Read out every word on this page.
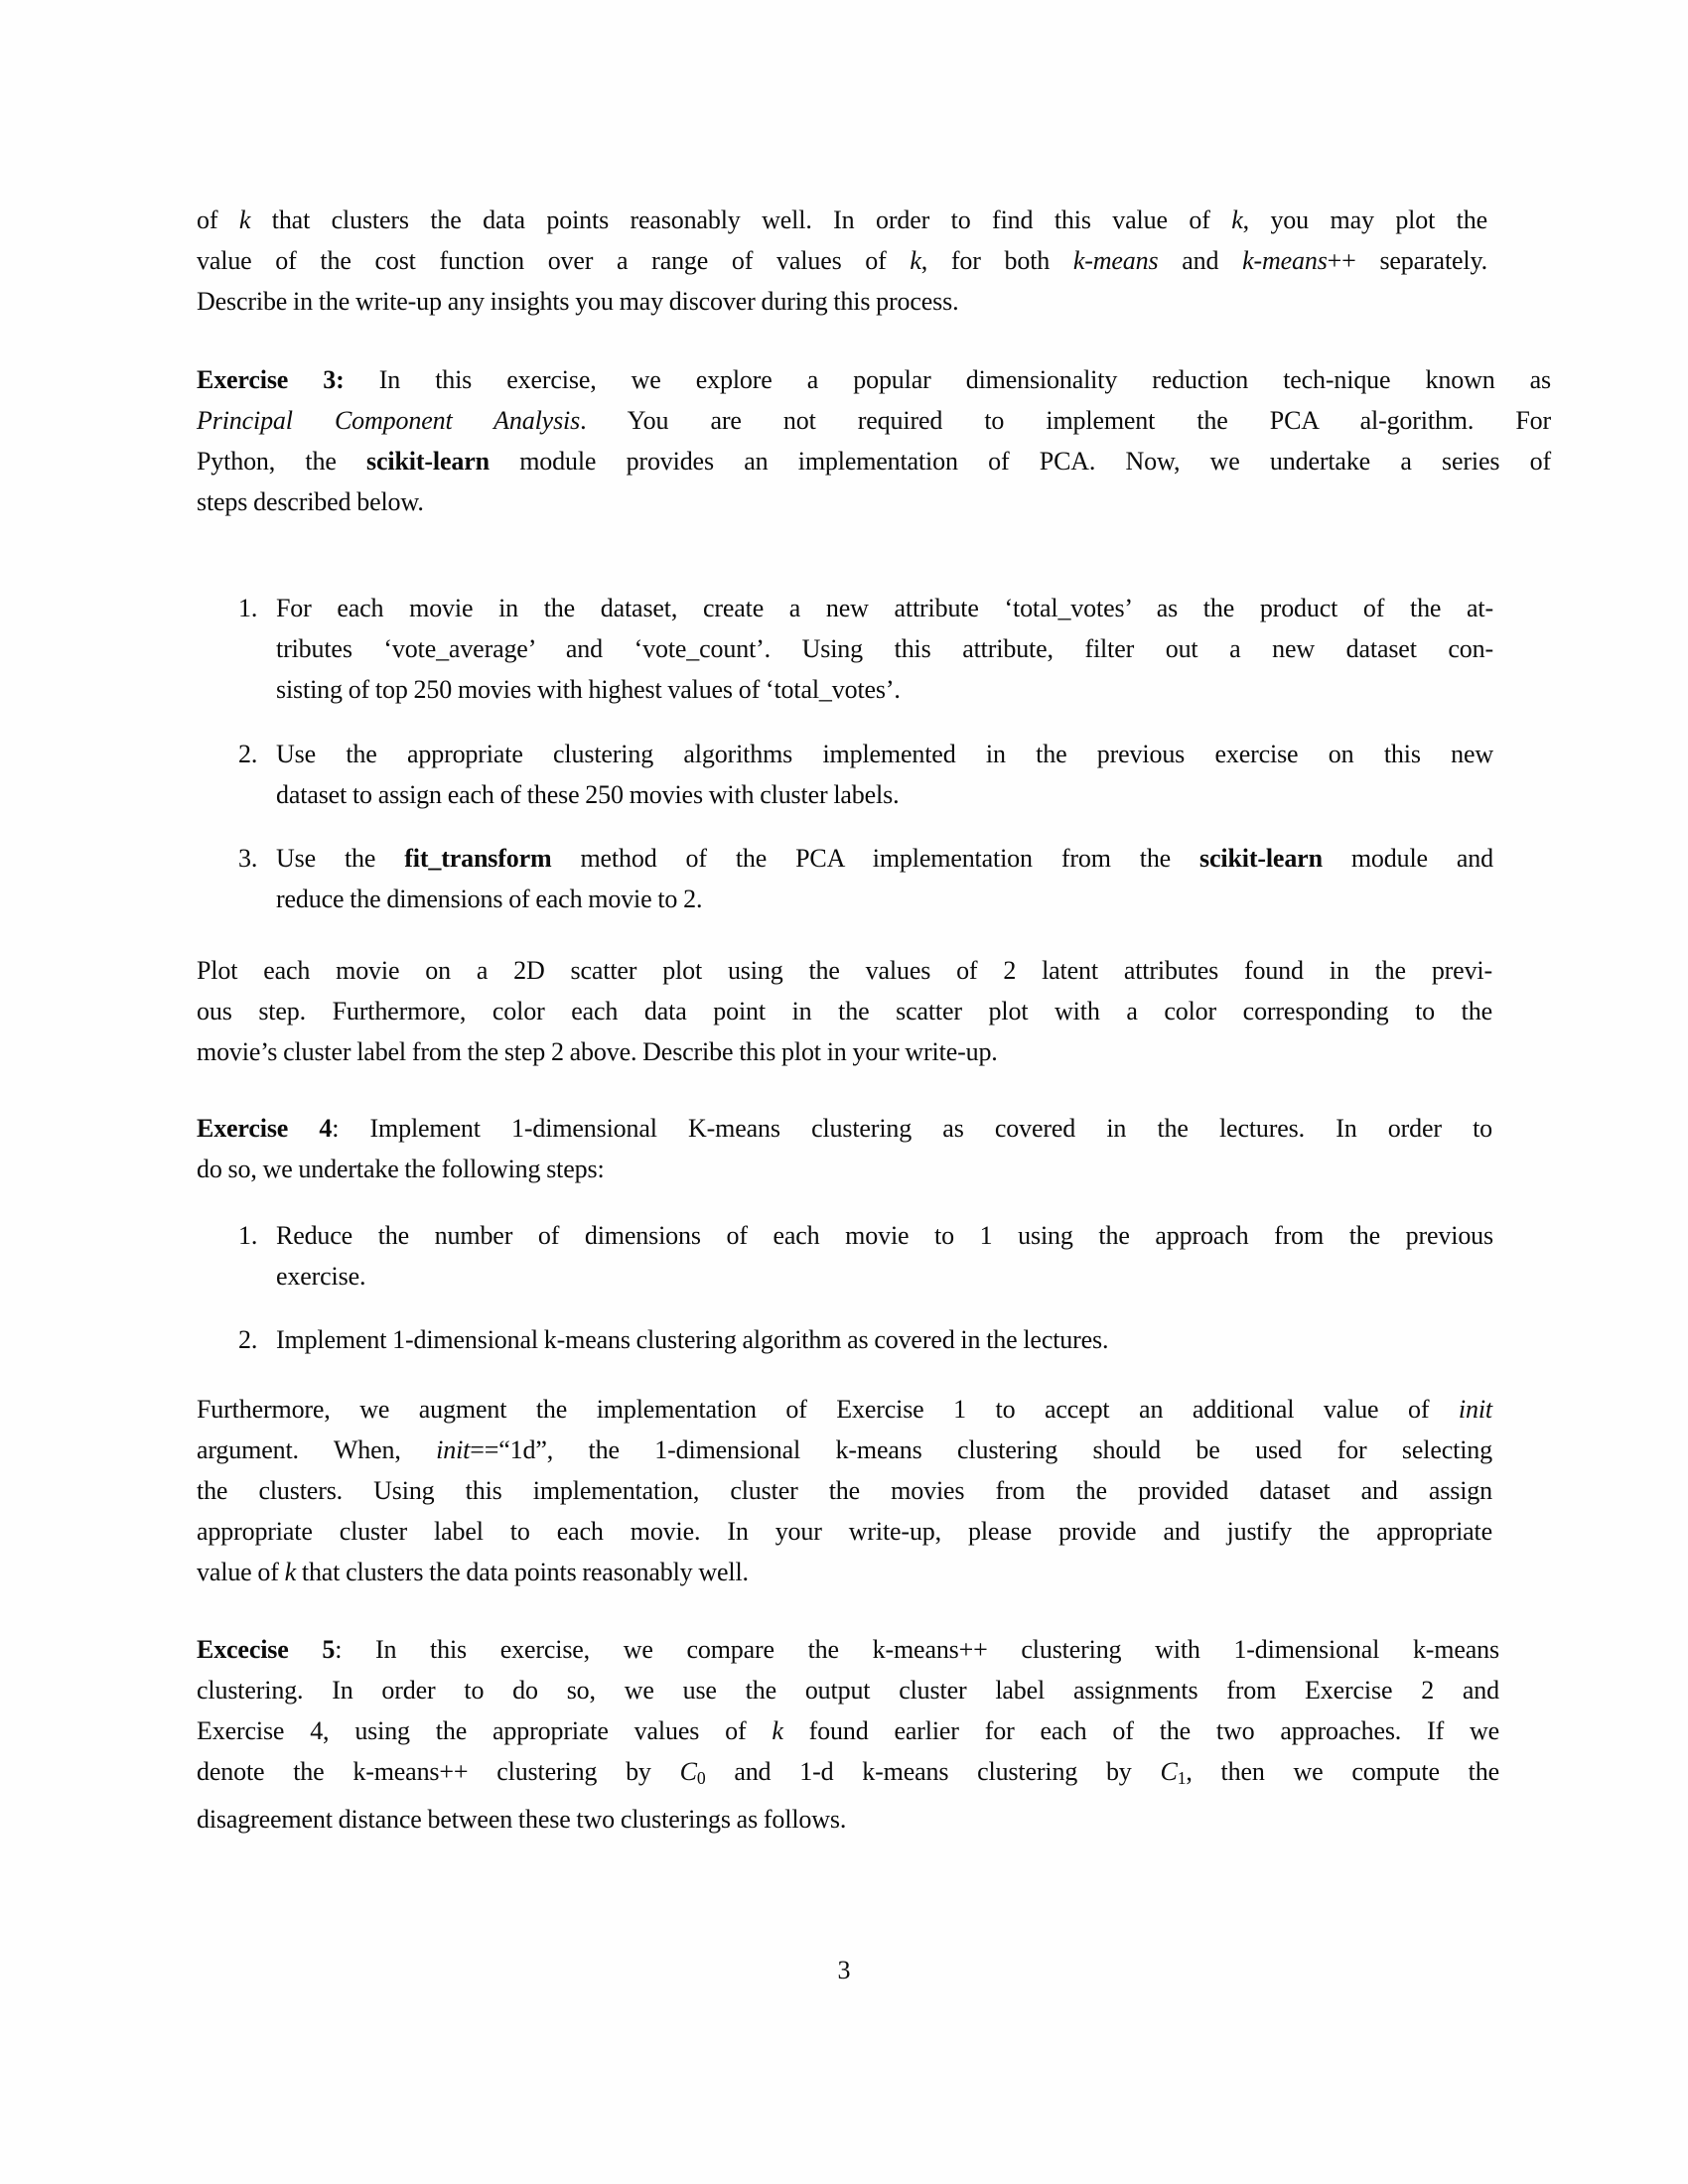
of k that clusters the data points reasonably well. In order to find this value of k, you may plot the
value of the cost function over a range of values of k, for both k-means and k-means++ separately.
Describe in the write-up any insights you may discover during this process.
Exercise 3: In this exercise, we explore a popular dimensionality reduction tech-nique known as
Principal Component Analysis. You are not required to implement the PCA al-gorithm. For
Python, the scikit-learn module provides an implementation of PCA. Now, we undertake a series of
steps described below.
1. For each movie in the dataset, create a new attribute ‘total_votes’ as the product of the at-
tributes ‘vote_average’ and ‘vote_count’. Using this attribute, filter out a new dataset con-
sisting of top 250 movies with highest values of ‘total_votes’.
2. Use the appropriate clustering algorithms implemented in the previous exercise on this new
dataset to assign each of these 250 movies with cluster labels.
3. Use the fit_transform method of the PCA implementation from the scikit-learn module and
reduce the dimensions of each movie to 2.
Plot each movie on a 2D scatter plot using the values of 2 latent attributes found in the previ-
ous step. Furthermore, color each data point in the scatter plot with a color corresponding to the
movie’s cluster label from the step 2 above. Describe this plot in your write-up.
Exercise 4: Implement 1-dimensional K-means clustering as covered in the lectures. In order to
do so, we undertake the following steps:
1. Reduce the number of dimensions of each movie to 1 using the approach from the previous
exercise.
2. Implement 1-dimensional k-means clustering algorithm as covered in the lectures.
Furthermore, we augment the implementation of Exercise 1 to accept an additional value of init
argument. When, init==“1d”, the 1-dimensional k-means clustering should be used for selecting
the clusters. Using this implementation, cluster the movies from the provided dataset and assign
appropriate cluster label to each movie. In your write-up, please provide and justify the appropriate
value of k that clusters the data points reasonably well.
Excecise 5: In this exercise, we compare the k-means++ clustering with 1-dimensional k-means
clustering. In order to do so, we use the output cluster label assignments from Exercise 2 and
Exercise 4, using the appropriate values of k found earlier for each of the two approaches. If we
denote the k-means++ clustering by C0 and 1-d k-means clustering by C1, then we compute the
disagreement distance between these two clusterings as follows.
3
